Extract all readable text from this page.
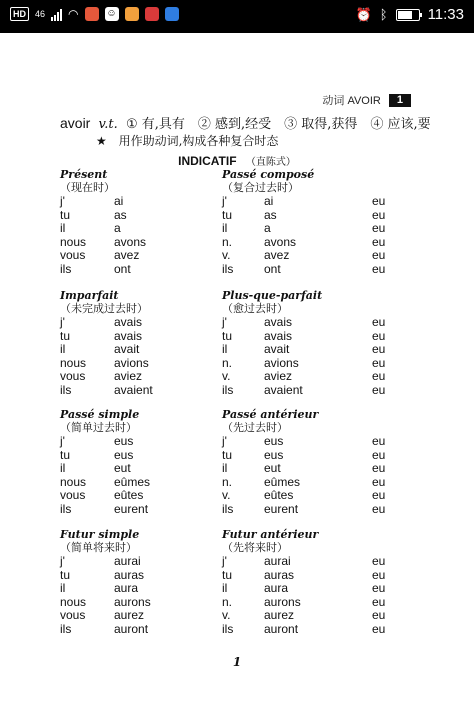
HD	46 ◠	☺	⏰ ᛒ	11:33
动词 AVOIR	1
avoir v.t. ① 有,具有　② 感到,经受　③ 取得,获得　④ 应该,要
★ 用作助动词,构成各种复合时态
INDICATIF （直陈式）
Présent
（现在时）
j'	ai
tu	as
il	a
nous avons
vous avez
ils	ont
Passé composé
（复合过去时）
j'	ai	eu
tu	as	eu
il	a	eu
n.	avons	eu
v.	avez	eu
ils	ont	eu
Imparfait
（未完成过去时）
j'	avais
tu	avais
il	avait
nous avions
vous aviez
ils	avaient
Plus-que-parfait
（愈过去时）
j'	avais	eu
tu	avais	eu
il	avait	eu
n.	avions	eu
v.	aviez	eu
ils	avaient	eu
Passé simple
（简单过去时）
j'	eus
tu	eus
il	eut
nous eûmes
vous eûtes
ils	eurent
Passé antérieur
（先过去时）
j'	eus	eu
tu	eus	eu
il	eut	eu
n.	eûmes	eu
v.	eûtes	eu
ils	eurent	eu
Futur simple
（简单将来时）
j'	aurai
tu	auras
il	aura
nous aurons
vous aurez
ils	auront
Futur antérieur
（先将来时）
j'	aurai	eu
tu	auras	eu
il	aura	eu
n.	aurons	eu
v.	aurez	eu
ils	auront	eu
1
